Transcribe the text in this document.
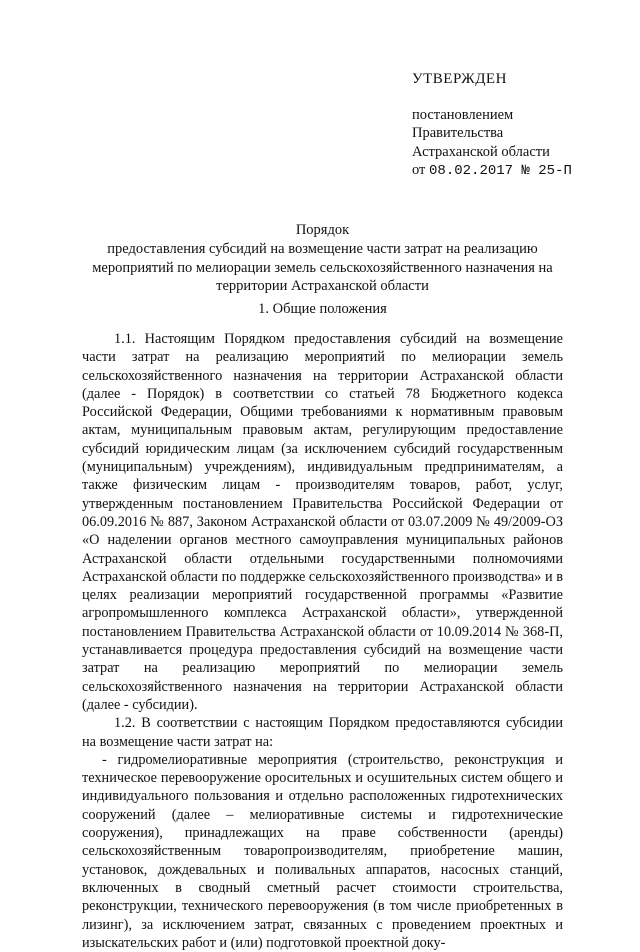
УТВЕРЖДЕН
постановлением
Правительства
Астраханской области
от 08.02.2017 № 25-П
Порядок
предоставления субсидий на возмещение части затрат на реализацию мероприятий по мелиорации земель сельскохозяйственного назначения на территории Астраханской области
1. Общие положения

1.1. Настоящим Порядком предоставления субсидий на возмещение части затрат на реализацию мероприятий по мелиорации земель сельскохозяйственного назначения на территории Астраханской области (далее - Порядок) в соответствии со статьей 78 Бюджетного кодекса Российской Федерации, Общими требованиями к нормативным правовым актам, муниципальным правовым актам, регулирующим предоставление субсидий юридическим лицам (за исключением субсидий государственным (муниципальным) учреждениям), индивидуальным предпринимателям, а также физическим лицам - производителям товаров, работ, услуг, утвержденным постановлением Правительства Российской Федерации от 06.09.2016 № 887, Законом Астраханской области от 03.07.2009 № 49/2009-ОЗ «О наделении органов местного самоуправления муниципальных районов Астраханской области отдельными государственными полномочиями Астраханской области по поддержке сельскохозяйственного производства» и в целях реализации мероприятий государственной программы «Развитие агропромышленного комплекса Астраханской области», утвержденной постановлением Правительства Астраханской области от 10.09.2014 № 368-П, устанавливается процедура предоставления субсидий на возмещение части затрат на реализацию мероприятий по мелиорации земель сельскохозяйственного назначения на территории Астраханской области (далее - субсидии).

1.2. В соответствии с настоящим Порядком предоставляются субсидии на возмещение части затрат на:

- гидромелиоративные мероприятия (строительство, реконструкция и техническое перевооружение оросительных и осушительных систем общего и индивидуального пользования и отдельно расположенных гидротехнических сооружений (далее – мелиоративные системы и гидротехнические сооружения), принадлежащих на праве собственности (аренды) сельскохозяйственным товаропроизводителям, приобретение машин, установок, дождевальных и поливальных аппаратов, насосных станций, включенных в сводный сметный расчет стоимости строительства, реконструкции, технического перевооружения (в том числе приобретенных в лизинг), за исключением затрат, связанных с проведением проектных и изыскательских работ и (или) подготовкой проектной доку-
